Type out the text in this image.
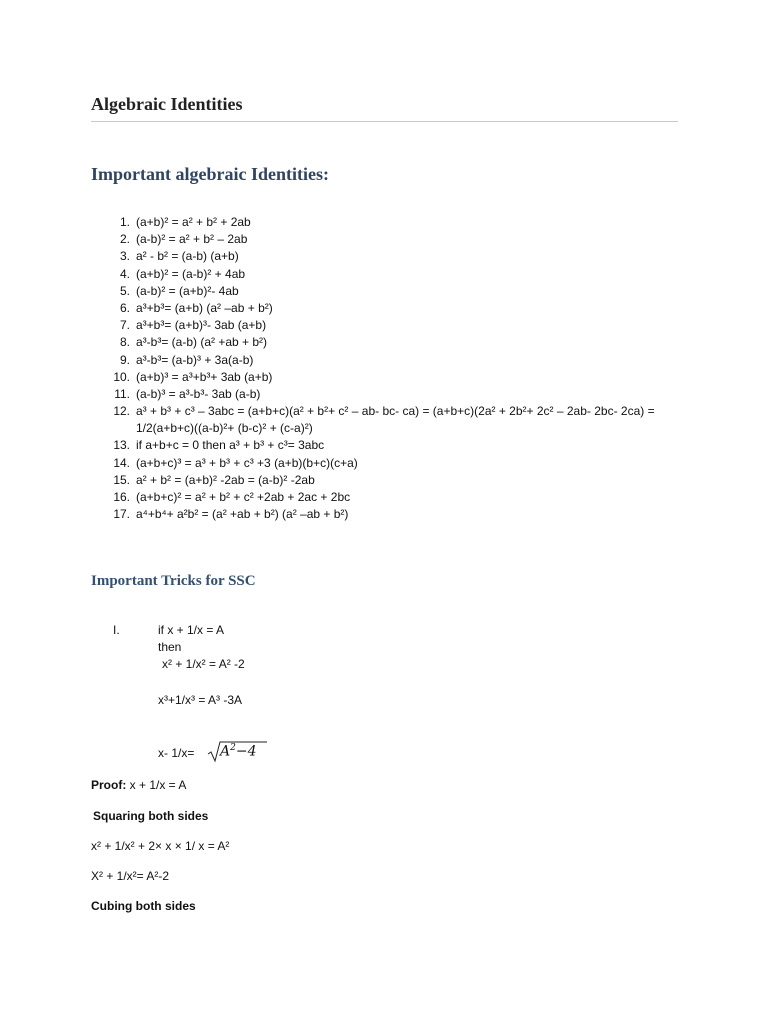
Algebraic Identities
Important algebraic Identities:
1. (a+b)² = a² + b² + 2ab
2. (a-b)² = a² + b² – 2ab
3. a² - b² = (a-b) (a+b)
4. (a+b)² = (a-b)² + 4ab
5. (a-b)² = (a+b)²- 4ab
6. a³+b³= (a+b) (a² –ab + b²)
7. a³+b³= (a+b)³- 3ab (a+b)
8. a³-b³= (a-b) (a² +ab + b²)
9. a³-b³= (a-b)³ + 3a(a-b)
10. (a+b)³ = a³+b³+ 3ab (a+b)
11. (a-b)³ = a³-b³- 3ab (a-b)
12. a³ + b³ + c³ – 3abc = (a+b+c)(a² + b²+ c² – ab- bc- ca) = (a+b+c)(2a² + 2b²+ 2c² – 2ab- 2bc- 2ca) =
1/2(a+b+c)((a-b)²+ (b-c)² + (c-a)²)
13. if a+b+c = 0 then a³ + b³ + c³= 3abc
14. (a+b+c)³ = a³ + b³ + c³ +3 (a+b)(b+c)(c+a)
15. a² + b² = (a+b)² -2ab = (a-b)² -2ab
16. (a+b+c)² = a² + b² + c² +2ab + 2ac + 2bc
17. a⁴+b⁴+ a²b² = (a² +ab + b²) (a² –ab + b²)
Important Tricks for SSC
I.	if x + 1/x = A
then
x² + 1/x² = A² -2
x³+1/x³ = A³ -3A
x- $1/x= A^2-4$
Proof: x + 1/x = A
Squaring both sides
x² + 1/x² + 2× x × 1/ x = A²
X² + 1/x²= A²-2
Cubing both sides
